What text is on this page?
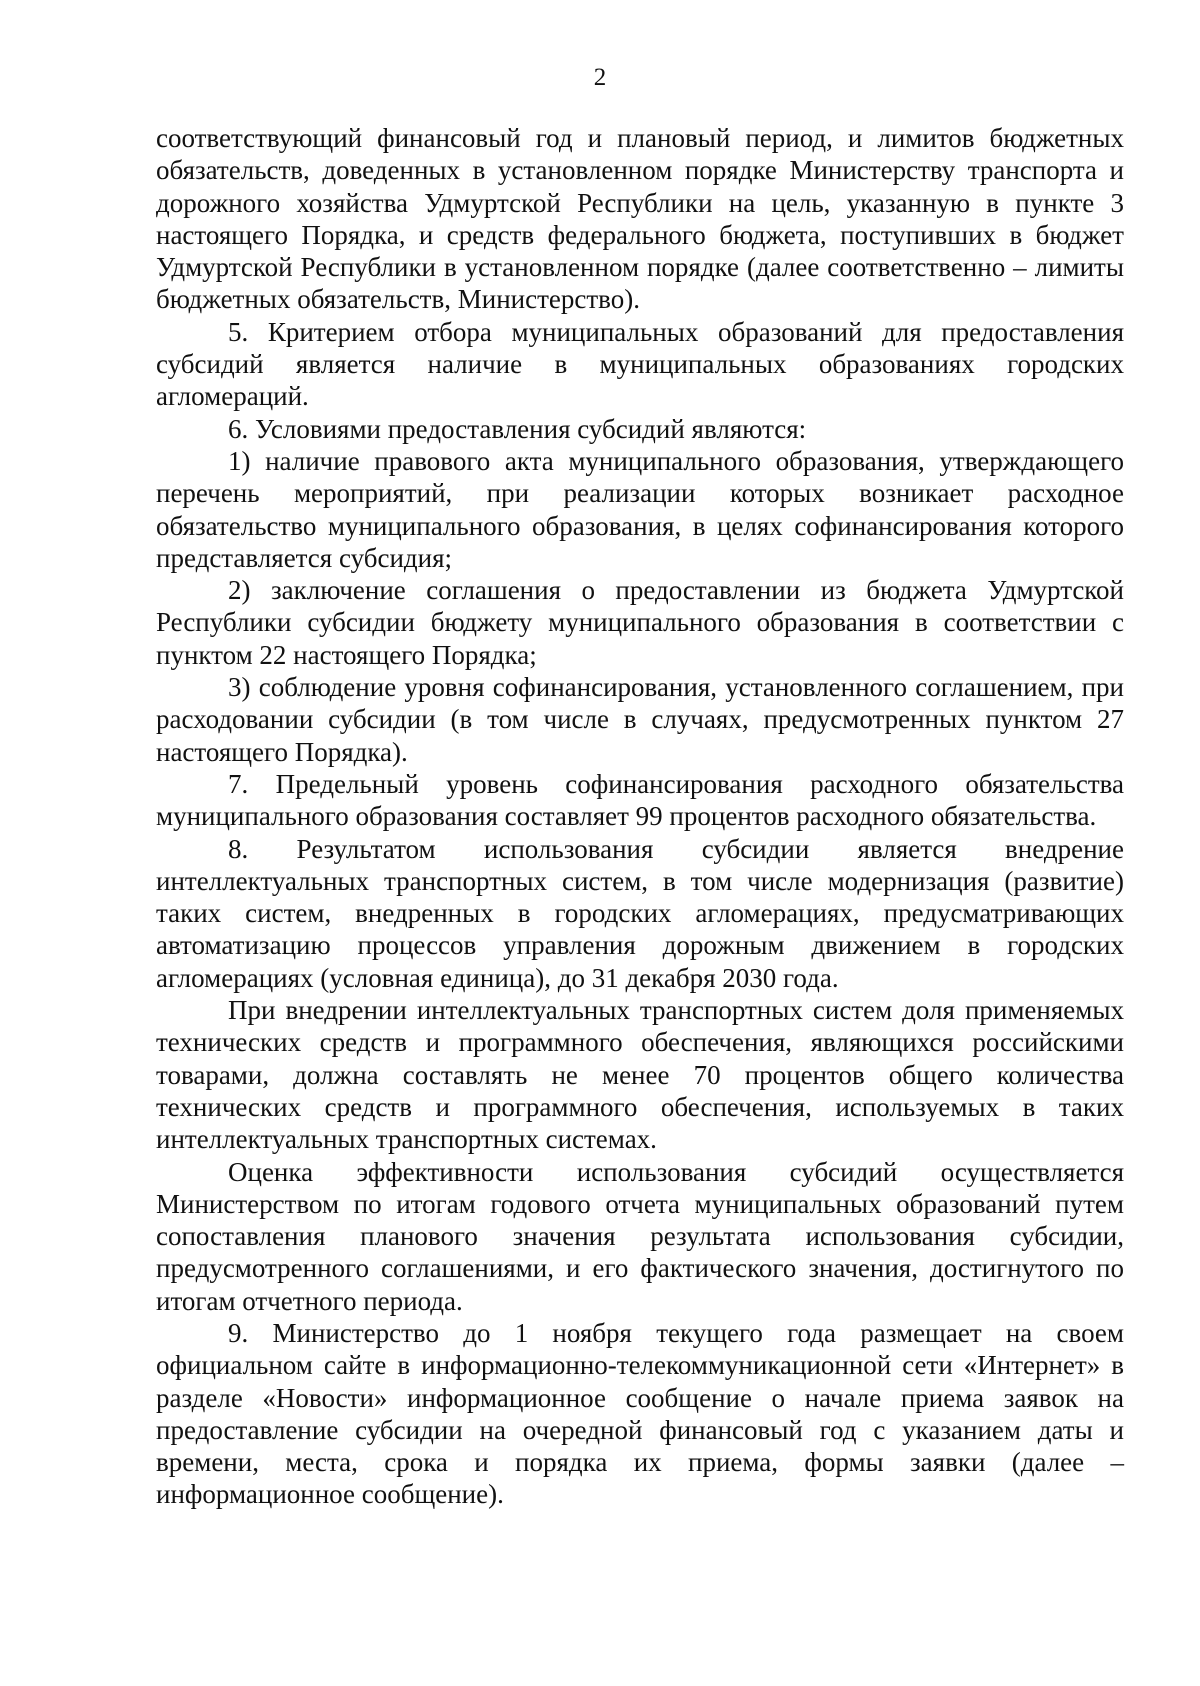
2

соответствующий финансовый год и плановый период, и лимитов бюджетных обязательств, доведенных в установленном порядке Министерству транспорта и дорожного хозяйства Удмуртской Республики на цель, указанную в пункте 3 настоящего Порядка, и средств федерального бюджета, поступивших в бюджет Удмуртской Республики в установленном порядке (далее соответственно – лимиты бюджетных обязательств, Министерство).

5. Критерием отбора муниципальных образований для предоставления субсидий является наличие в муниципальных образованиях городских агломераций.

6. Условиями предоставления субсидий являются:

1) наличие правового акта муниципального образования, утверждающего перечень мероприятий, при реализации которых возникает расходное обязательство муниципального образования, в целях софинансирования которого представляется субсидия;

2) заключение соглашения о предоставлении из бюджета Удмуртской Республики субсидии бюджету муниципального образования в соответствии с пунктом 22 настоящего Порядка;

3) соблюдение уровня софинансирования, установленного соглашением, при расходовании субсидии (в том числе в случаях, предусмотренных пунктом 27 настоящего Порядка).

7. Предельный уровень софинансирования расходного обязательства муниципального образования составляет 99 процентов расходного обязательства.

8. Результатом использования субсидии является внедрение интеллектуальных транспортных систем, в том числе модернизация (развитие) таких систем, внедренных в городских агломерациях, предусматривающих автоматизацию процессов управления дорожным движением в городских агломерациях (условная единица), до 31 декабря 2030 года.

При внедрении интеллектуальных транспортных систем доля применяемых технических средств и программного обеспечения, являющихся российскими товарами, должна составлять не менее 70 процентов общего количества технических средств и программного обеспечения, используемых в таких интеллектуальных транспортных системах.

Оценка эффективности использования субсидий осуществляется Министерством по итогам годового отчета муниципальных образований путем сопоставления планового значения результата использования субсидии, предусмотренного соглашениями, и его фактического значения, достигнутого по итогам отчетного периода.

9. Министерство до 1 ноября текущего года размещает на своем официальном сайте в информационно-телекоммуникационной сети «Интернет» в разделе «Новости» информационное сообщение о начале приема заявок на предоставление субсидии на очередной финансовый год с указанием даты и времени, места, срока и порядка их приема, формы заявки (далее – информационное сообщение).
